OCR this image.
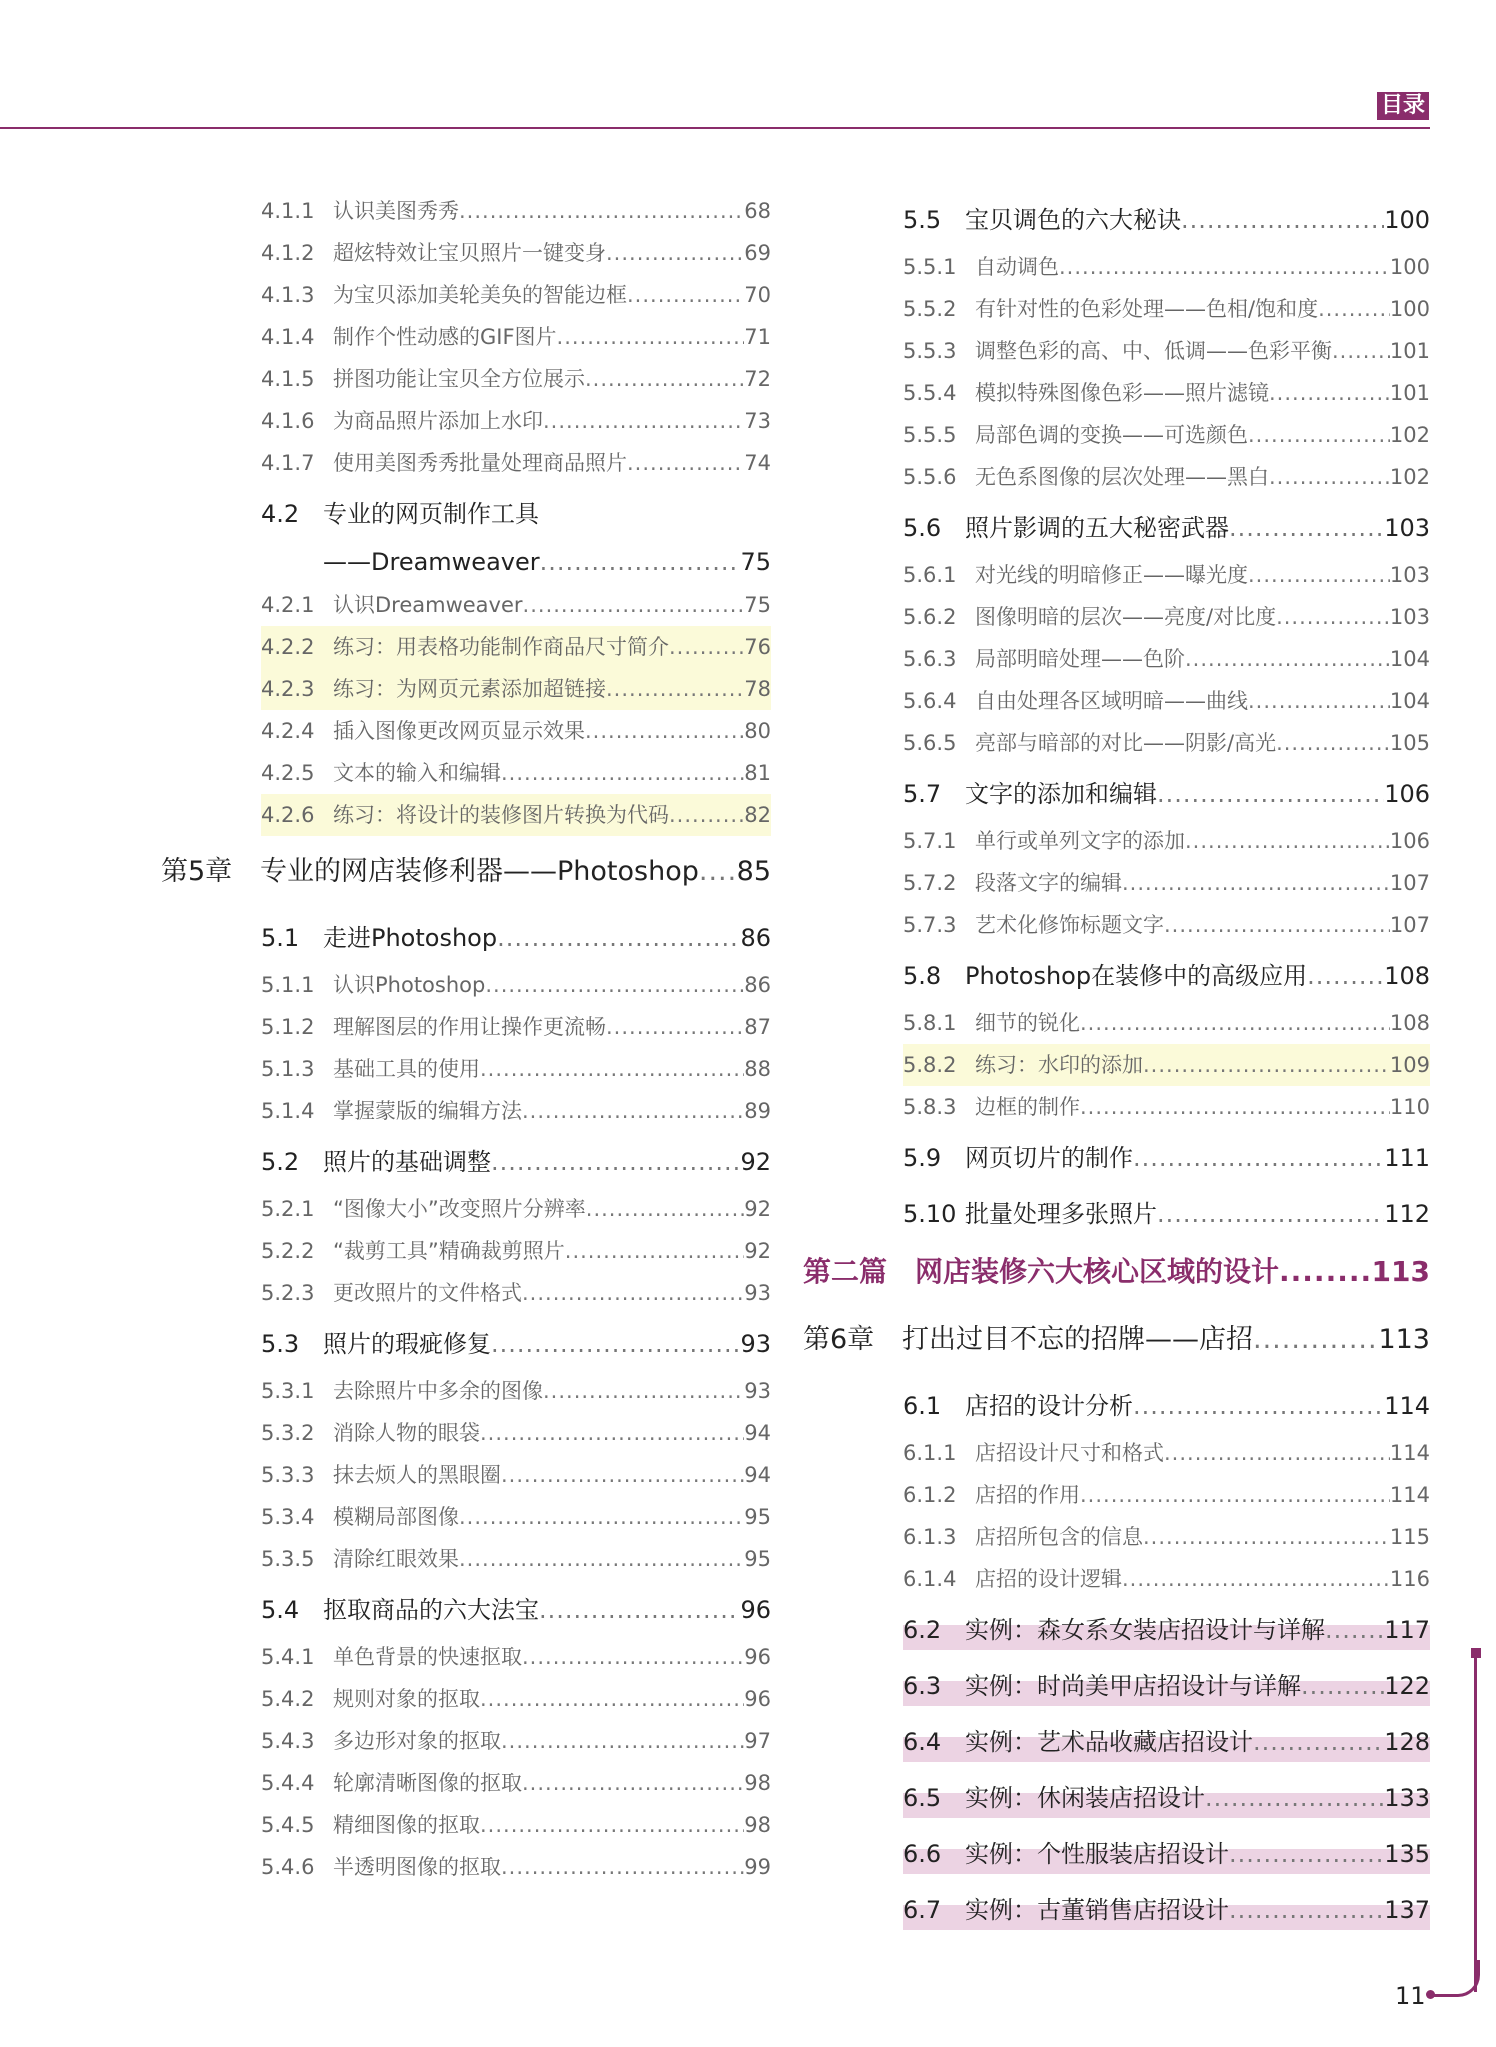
目录
4.1.1 认识美图秀秀 .....	68
4.1.2 超炫特效让宝贝照片一键变身 .....	69
4.1.3 为宝贝添加美轮美奂的智能边框 .....	70
4.1.4 制作个性动感的GIF图片 .....	71
4.1.5 拼图功能让宝贝全方位展示 .....	72
4.1.6 为商品照片添加上水印 .....	73
4.1.7 使用美图秀秀批量处理商品照片 .....	74
4.2 专业的网页制作工具
——Dreamweaver .....	75
4.2.1 认识Dreamweaver .....	75
4.2.2 练习：用表格功能制作商品尺寸简介 .....	76
4.2.3 练习：为网页元素添加超链接 .....	78
4.2.4 插入图像更改网页显示效果 .....	80
4.2.5 文本的输入和编辑 .....	81
4.2.6 练习：将设计的装修图片转换为代码 .....	82
第5章	专业的网店装修利器——Photoshop ..... 85
5.1 走进Photoshop .....	86
5.1.1 认识Photoshop .....	86
5.1.2 理解图层的作用让操作更流畅 .....	87
5.1.3 基础工具的使用 .....	88
5.1.4 掌握蒙版的编辑方法 .....	89
5.2 照片的基础调整 .....	92
5.2.1 “图像大小”改变照片分辨率 .....	92
5.2.2 “裁剪工具”精确裁剪照片 .....	92
5.2.3 更改照片的文件格式 .....	93
5.3 照片的瑕疵修复 .....	93
5.3.1 去除照片中多余的图像 .....	93
5.3.2 消除人物的眼袋 .....	94
5.3.3 抹去烦人的黑眼圈 .....	94
5.3.4 模糊局部图像 .....	95
5.3.5 清除红眼效果 .....	95
5.4 抠取商品的六大法宝 .....	96
5.4.1 单色背景的快速抠取 .....	96
5.4.2 规则对象的抠取 .....	96
5.4.3 多边形对象的抠取 .....	97
5.4.4 轮廓清晰图像的抠取 .....	98
5.4.5 精细图像的抠取 .....	98
5.4.6 半透明图像的抠取 .....	99
5.5 宝贝调色的六大秘诀 .....	100
5.5.1 自动调色 .....	100
5.5.2 有针对性的色彩处理——色相/饱和度 .....	100
5.5.3 调整色彩的高、中、低调——色彩平衡 .....	101
5.5.4 模拟特殊图像色彩——照片滤镜 .....	101
5.5.5 局部色调的变换——可选颜色 .....	102
5.5.6 无色系图像的层次处理——黑白 .....	102
5.6 照片影调的五大秘密武器 .....	103
5.6.1 对光线的明暗修正——曝光度 .....	103
5.6.2 图像明暗的层次——亮度/对比度 .....	103
5.6.3 局部明暗处理——色阶 .....	104
5.6.4 自由处理各区域明暗——曲线 .....	104
5.6.5 亮部与暗部的对比——阴影/高光 .....	105
5.7 文字的添加和编辑 .....	106
5.7.1 单行或单列文字的添加 .....	106
5.7.2 段落文字的编辑 .....	107
5.7.3 艺术化修饰标题文字 .....	107
5.8 Photoshop在装修中的高级应用 .....	108
5.8.1 细节的锐化 .....	108
5.8.2 练习：水印的添加 .....	109
5.8.3 边框的制作 .....	110
5.9 网页切片的制作 .....	111
5.10 批量处理多张照片 .....	112
第二篇 网店装修六大核心区域的设计 .....	113
第6章	打出过目不忘的招牌——店招 .....	113
6.1 店招的设计分析 .....	114
6.1.1 店招设计尺寸和格式 .....	114
6.1.2 店招的作用 .....	114
6.1.3 店招所包含的信息 .....	115
6.1.4 店招的设计逻辑 .....	116
6.2 实例：森女系女装店招设计与详解 ..... 117
6.3 实例：时尚美甲店招设计与详解 .....	122
6.4 实例：艺术品收藏店招设计 .....	128
6.5 实例：休闲装店招设计 .....	133
6.6 实例：个性服装店招设计 .....	135
6.7 实例：古董销售店招设计 .....	137
11
